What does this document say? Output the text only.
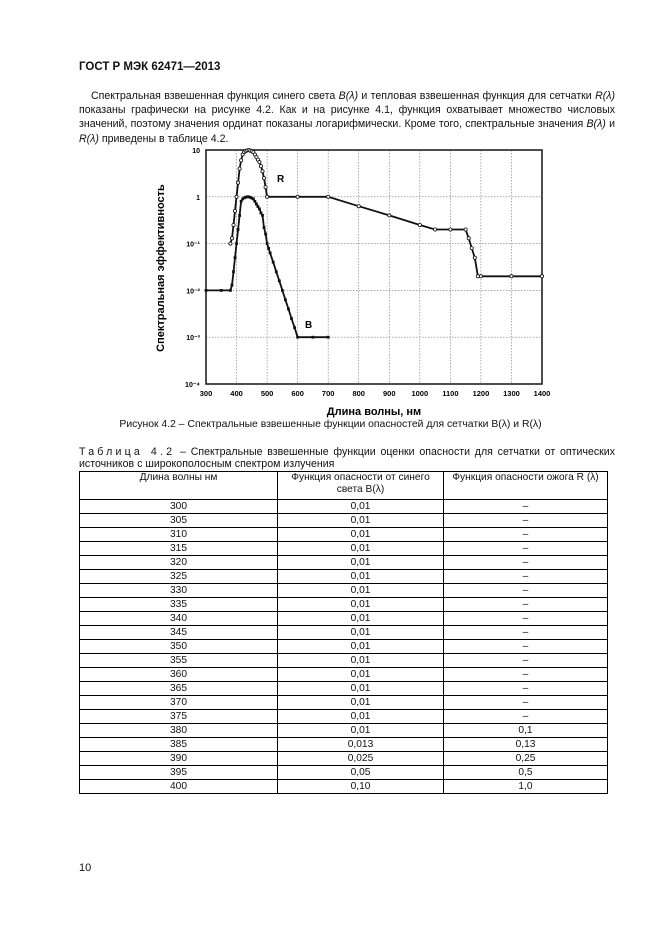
ГОСТ Р МЭК 62471—2013
Спектральная взвешенная функция синего света B(λ) и тепловая взвешенная функция для сетчатки R(λ) показаны графически на рисунке 4.2. Как и на рисунке 4.1, функция охватывает множество числовых значений, поэтому значения ординат показаны логарифмически. Кроме того, спектральные значения B(λ) и R(λ) приведены в таблице 4.2.
300 400 500 600 700 800 900 1000 1100 1200 1300 1400
10
1
10⁻¹
10⁻²
10⁻³
10⁻⁴
R
B
Длина волны, нм
Спектральная эффективность
Рисунок 4.2 – Спектральные взвешенные функции опасностей для сетчатки B(λ) и R(λ)
Таблица 4.2 – Спектральные взвешенные функции оценки опасности для сетчатки от оптических источников с широкополосным спектром излучения
Длина волны нм	Функция опасности от синего света B(λ)	Функция опасности ожога R (λ)
300	0,01	–
305	0,01	–
310	0,01	–
315	0,01	–
320	0,01	–
325	0,01	–
330	0,01	–
335	0,01	–
340	0,01	–
345	0,01	–
350	0,01	–
355	0,01	–
360	0,01	–
365	0,01	–
370	0,01	–
375	0,01	–
380	0,01	0,1
385	0,013	0,13
390	0,025	0,25
395	0,05	0,5
400	0,10	1,0
10
